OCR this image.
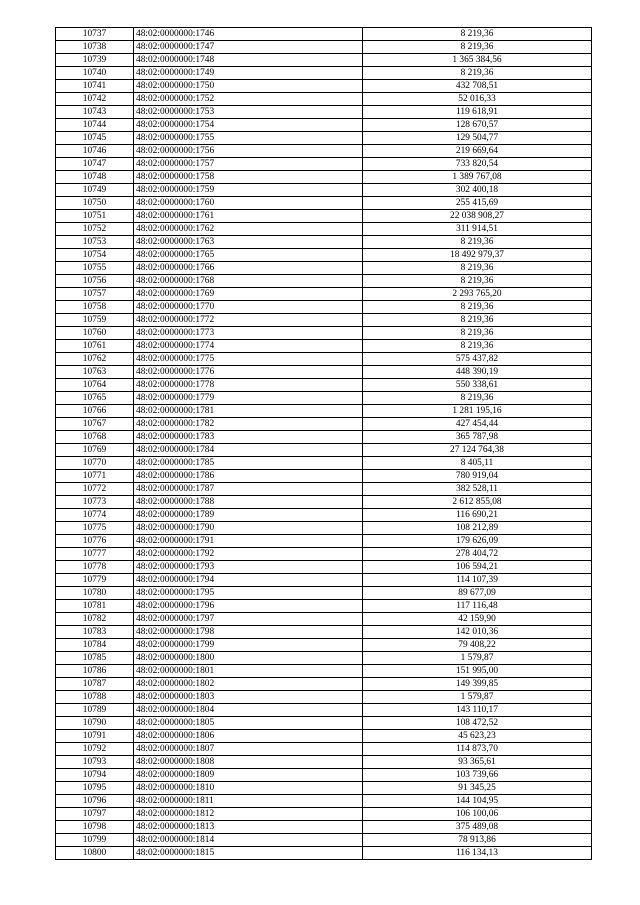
10737	48:02:0000000:1746	8 219,36
10738	48:02:0000000:1747	8 219,36
10739	48:02:0000000:1748	1 365 384,56
10740	48:02:0000000:1749	8 219,36
10741	48:02:0000000:1750	432 708,51
10742	48:02:0000000:1752	52 016,33
10743	48:02:0000000:1753	119 618,91
10744	48:02:0000000:1754	128 670,57
10745	48:02:0000000:1755	129 504,77
10746	48:02:0000000:1756	219 669,64
10747	48:02:0000000:1757	733 820,54
10748	48:02:0000000:1758	1 389 767,08
10749	48:02:0000000:1759	302 400,18
10750	48:02:0000000:1760	255 415,69
10751	48:02:0000000:1761	22 038 908,27
10752	48:02:0000000:1762	311 914,51
10753	48:02:0000000:1763	8 219,36
10754	48:02:0000000:1765	18 492 979,37
10755	48:02:0000000:1766	8 219,36
10756	48:02:0000000:1768	8 219,36
10757	48:02:0000000:1769	2 293 765,20
10758	48:02:0000000:1770	8 219,36
10759	48:02:0000000:1772	8 219,36
10760	48:02:0000000:1773	8 219,36
10761	48:02:0000000:1774	8 219,36
10762	48:02:0000000:1775	575 437,82
10763	48:02:0000000:1776	448 390,19
10764	48:02:0000000:1778	550 338,61
10765	48:02:0000000:1779	8 219,36
10766	48:02:0000000:1781	1 281 195,16
10767	48:02:0000000:1782	427 454,44
10768	48:02:0000000:1783	365 787,98
10769	48:02:0000000:1784	27 124 764,38
10770	48:02:0000000:1785	8 405,11
10771	48:02:0000000:1786	780 919,04
10772	48:02:0000000:1787	382 528,11
10773	48:02:0000000:1788	2 612 855,08
10774	48:02:0000000:1789	116 690,21
10775	48:02:0000000:1790	108 212,89
10776	48:02:0000000:1791	179 626,09
10777	48:02:0000000:1792	278 404,72
10778	48:02:0000000:1793	106 594,21
10779	48:02:0000000:1794	114 107,39
10780	48:02:0000000:1795	89 677,09
10781	48:02:0000000:1796	117 116,48
10782	48:02:0000000:1797	42 159,90
10783	48:02:0000000:1798	142 010,36
10784	48:02:0000000:1799	79 408,22
10785	48:02:0000000:1800	1 579,87
10786	48:02:0000000:1801	151 995,00
10787	48:02:0000000:1802	149 399,85
10788	48:02:0000000:1803	1 579,87
10789	48:02:0000000:1804	143 110,17
10790	48:02:0000000:1805	108 472,52
10791	48:02:0000000:1806	45 623,23
10792	48:02:0000000:1807	114 873,70
10793	48:02:0000000:1808	93 365,61
10794	48:02:0000000:1809	103 739,66
10795	48:02:0000000:1810	91 345,25
10796	48:02:0000000:1811	144 104,95
10797	48:02:0000000:1812	106 100,06
10798	48:02:0000000:1813	375 489,08
10799	48:02:0000000:1814	78 913,86
10800	48:02:0000000:1815	116 134,13
